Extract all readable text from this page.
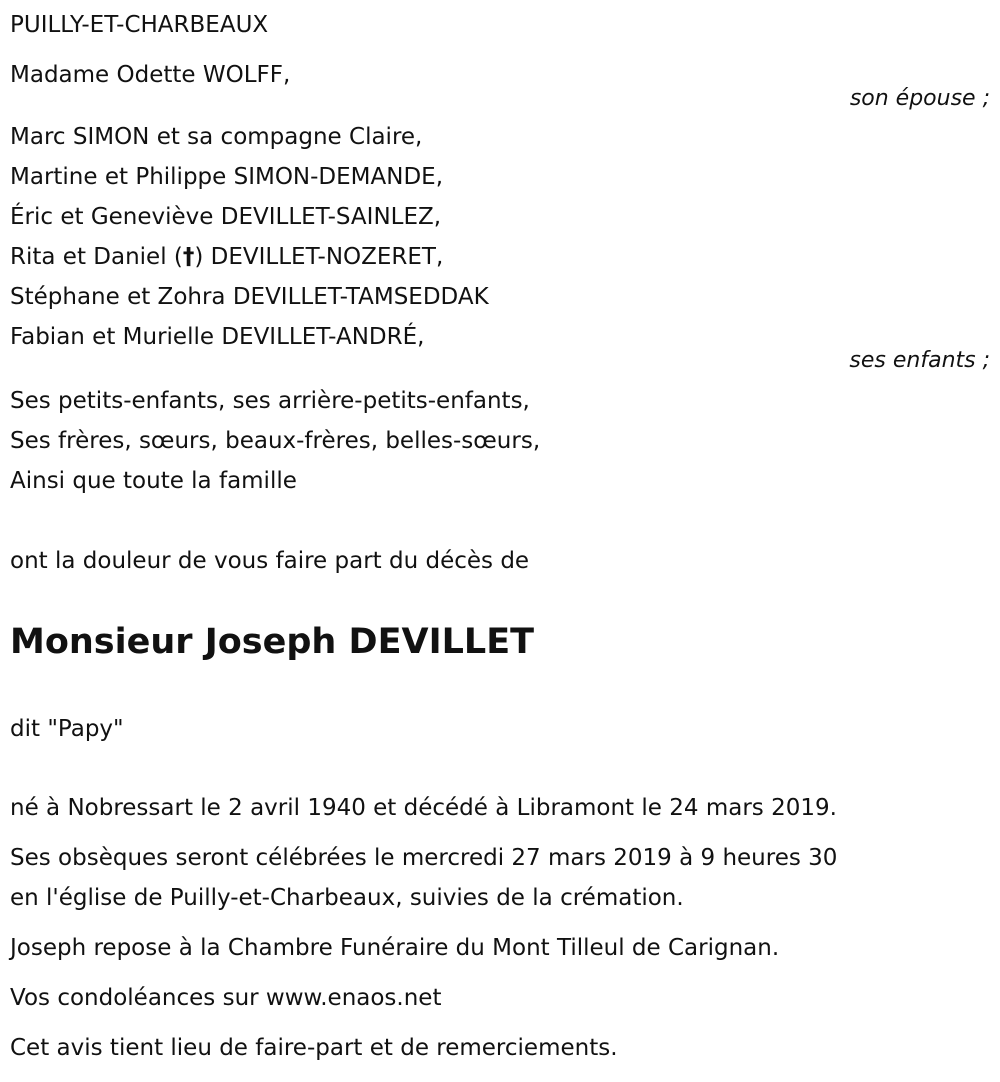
PUILLY-ET-CHARBEAUX
Madame Odette WOLFF,
son épouse ;
Marc SIMON et sa compagne Claire,
Martine et Philippe SIMON-DEMANDE,
Éric et Geneviève DEVILLET-SAINLEZ,
Rita et Daniel (†) DEVILLET-NOZERET,
Stéphane et Zohra DEVILLET-TAMSEDDAK
Fabian et Murielle DEVILLET-ANDRÉ,
ses enfants ;
Ses petits-enfants, ses arrière-petits-enfants,
Ses frères, sœurs, beaux-frères, belles-sœurs,
Ainsi que toute la famille
ont la douleur de vous faire part du décès de
Monsieur Joseph DEVILLET
dit "Papy"
né à Nobressart le 2 avril 1940 et décédé à Libramont le 24 mars 2019.
Ses obsèques seront célébrées le mercredi 27 mars 2019 à 9 heures 30
en l'église de Puilly-et-Charbeaux, suivies de la crémation.
Joseph repose à la Chambre Funéraire du Mont Tilleul de Carignan.
Vos condoléances sur www.enaos.net
Cet avis tient lieu de faire-part et de remerciements.
